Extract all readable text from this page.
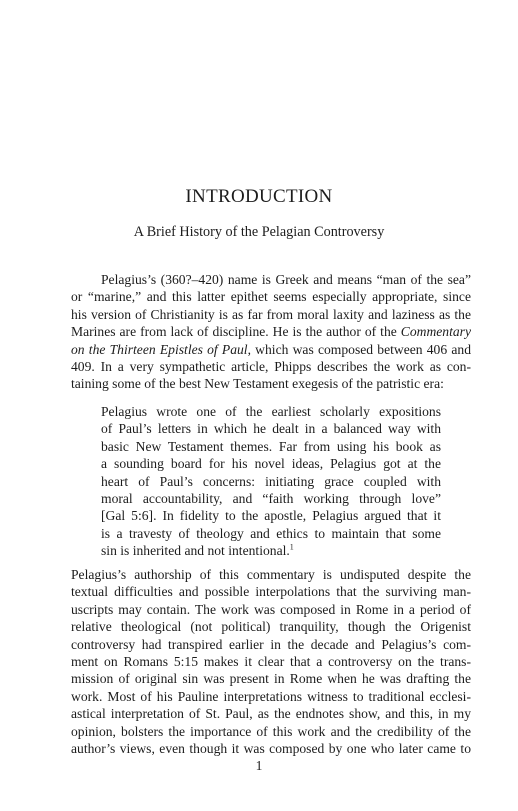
INTRODUCTION
A Brief History of the Pelagian Controversy
Pelagius’s (360?–420) name is Greek and means “man of the sea”
or “marine,” and this latter epithet seems especially appropriate, since
his version of Christianity is as far from moral laxity and laziness as the
Marines are from lack of discipline. He is the author of the Commentary
on the Thirteen Epistles of Paul, which was composed between 406 and
409. In a very sympathetic article, Phipps describes the work as con-
taining some of the best New Testament exegesis of the patristic era:
Pelagius wrote one of the earliest scholarly expositions
of Paul’s letters in which he dealt in a balanced way with
basic New Testament themes. Far from using his book as
a sounding board for his novel ideas, Pelagius got at the
heart of Paul’s concerns: initiating grace coupled with
moral accountability, and “faith working through love”
[Gal 5:6]. In fidelity to the apostle, Pelagius argued that it
is a travesty of theology and ethics to maintain that some
sin is inherited and not intentional.$^1$
Pelagius’s authorship of this commentary is undisputed despite the
textual difficulties and possible interpolations that the surviving man-
uscripts may contain. The work was composed in Rome in a period of
relative theological (not political) tranquility, though the Origenist
controversy had transpired earlier in the decade and Pelagius’s com-
ment on Romans 5:15 makes it clear that a controversy on the trans-
mission of original sin was present in Rome when he was drafting the
work. Most of his Pauline interpretations witness to traditional ecclesi-
astical interpretation of St. Paul, as the endnotes show, and this, in my
opinion, bolsters the importance of this work and the credibility of the
author’s views, even though it was composed by one who later came to
1
